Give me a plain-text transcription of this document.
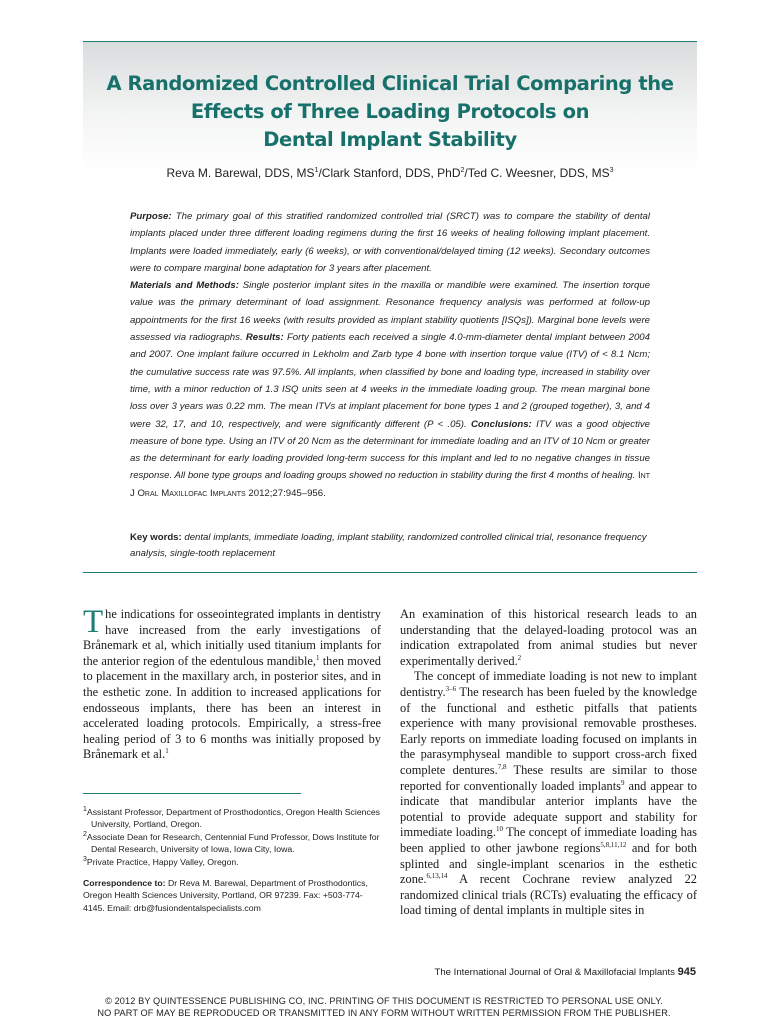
A Randomized Controlled Clinical Trial Comparing the
Effects of Three Loading Protocols on
Dental Implant Stability
Reva M. Barewal, DDS, $MS^1$/Clark Stanford, DDS, PhD$^2$/Ted C. Weesner, DDS, $MS^3$
Purpose: The primary goal of this stratified randomized controlled trial (SRCT) was to compare the stability of dental implants placed under three different loading regimens during the first 16 weeks of healing following implant placement. Implants were loaded immediately, early (6 weeks), or with conventional/delayed timing (12 weeks). Secondary outcomes were to compare marginal bone adaptation for 3 years after placement.
Materials and Methods: Single posterior implant sites in the maxilla or mandible were examined. The insertion torque value was the primary determinant of load assignment. Resonance frequency analysis was performed at follow-up appointments for the first 16 weeks (with results provided as implant stability quotients [ISQs]). Marginal bone levels were assessed via radiographs. Results: Forty patients each received a single 4.0-mm-diameter dental implant between 2004 and 2007. One implant failure occurred in Lekholm and Zarb type 4 bone with insertion torque value (ITV) of < 8.1 Ncm; the cumulative success rate was 97.5%. All implants, when classified by bone and loading type, increased in stability over time, with a minor reduction of 1.3 ISQ units seen at 4 weeks in the immediate loading group. The mean marginal bone loss over 3 years was 0.22 mm. The mean ITVs at implant placement for bone types 1 and 2 (grouped together), 3, and 4 were 32, 17, and 10, respectively, and were significantly different (P < .05). Conclusions: ITV was a good objective measure of bone type. Using an ITV of 20 Ncm as the determinant for immediate loading and an ITV of 10 Ncm or greater as the determinant for early loading provided long-term success for this implant and led to no negative changes in tissue response. All bone type groups and loading groups showed no reduction in stability during the first 4 months of healing. Int J Oral Maxillofac Implants 2012;27:945–956.
Key words: dental implants, immediate loading, implant stability, randomized controlled clinical trial, resonance frequency analysis, single-tooth replacement

The indications for osseointegrated implants in dentistry have increased from the early investigations of Brånemark et al, which initially used titanium implants for the anterior region of the edentulous mandible,$^1$ then moved to placement in the maxillary arch, in posterior sites, and in the esthetic zone. In addition to increased applications for endosseous implants, there has been an interest in accelerated loading protocols. Empirically, a stress-free healing period of 3 to 6 months was initially proposed by Brånemark et al.$^1$

$^1$Assistant Professor, Department of Prosthodontics, Oregon Health Sciences University, Portland, Oregon.
$^2$Associate Dean for Research, Centennial Fund Professor, Dows Institute for Dental Research, University of Iowa, Iowa City, Iowa.
$^3$Private Practice, Happy Valley, Oregon.
Correspondence to: Dr Reva M. Barewal, Department of Prosthodontics, Oregon Health Sciences University, Portland, OR 97239. Fax: +503-774-4145. Email: drb@fusiondentalspecialists.com

An examination of this historical research leads to an understanding that the delayed-loading protocol was an indication extrapolated from animal studies but never experimentally derived.$^2$

The concept of immediate loading is not new to implant dentistry.$^{3-6}$ The research has been fueled by the knowledge of the functional and esthetic pitfalls that patients experience with many provisional removable prostheses. Early reports on immediate loading focused on implants in the parasymphyseal mandible to support cross-arch fixed complete dentures.$^{7,8}$ These results are similar to those reported for conventionally loaded implants$^9$ and appear to indicate that mandibular anterior implants have the potential to provide adequate support and stability for immediate loading.$^{10}$ The concept of immediate loading has been applied to other jawbone regions$^{5,8,11,12}$ and for both splinted and single-implant scenarios in the esthetic zone.$^{6,13,14}$ A recent Cochrane review analyzed 22 randomized clinical trials (RCTs) evaluating the efficacy of load timing of dental implants in multiple sites in

The International Journal of Oral & Maxillofacial Implants 945
© 2012 BY QUINTESSENCE PUBLISHING CO, INC. PRINTING OF THIS DOCUMENT IS RESTRICTED TO PERSONAL USE ONLY.
NO PART OF MAY BE REPRODUCED OR TRANSMITTED IN ANY FORM WITHOUT WRITTEN PERMISSION FROM THE PUBLISHER.
